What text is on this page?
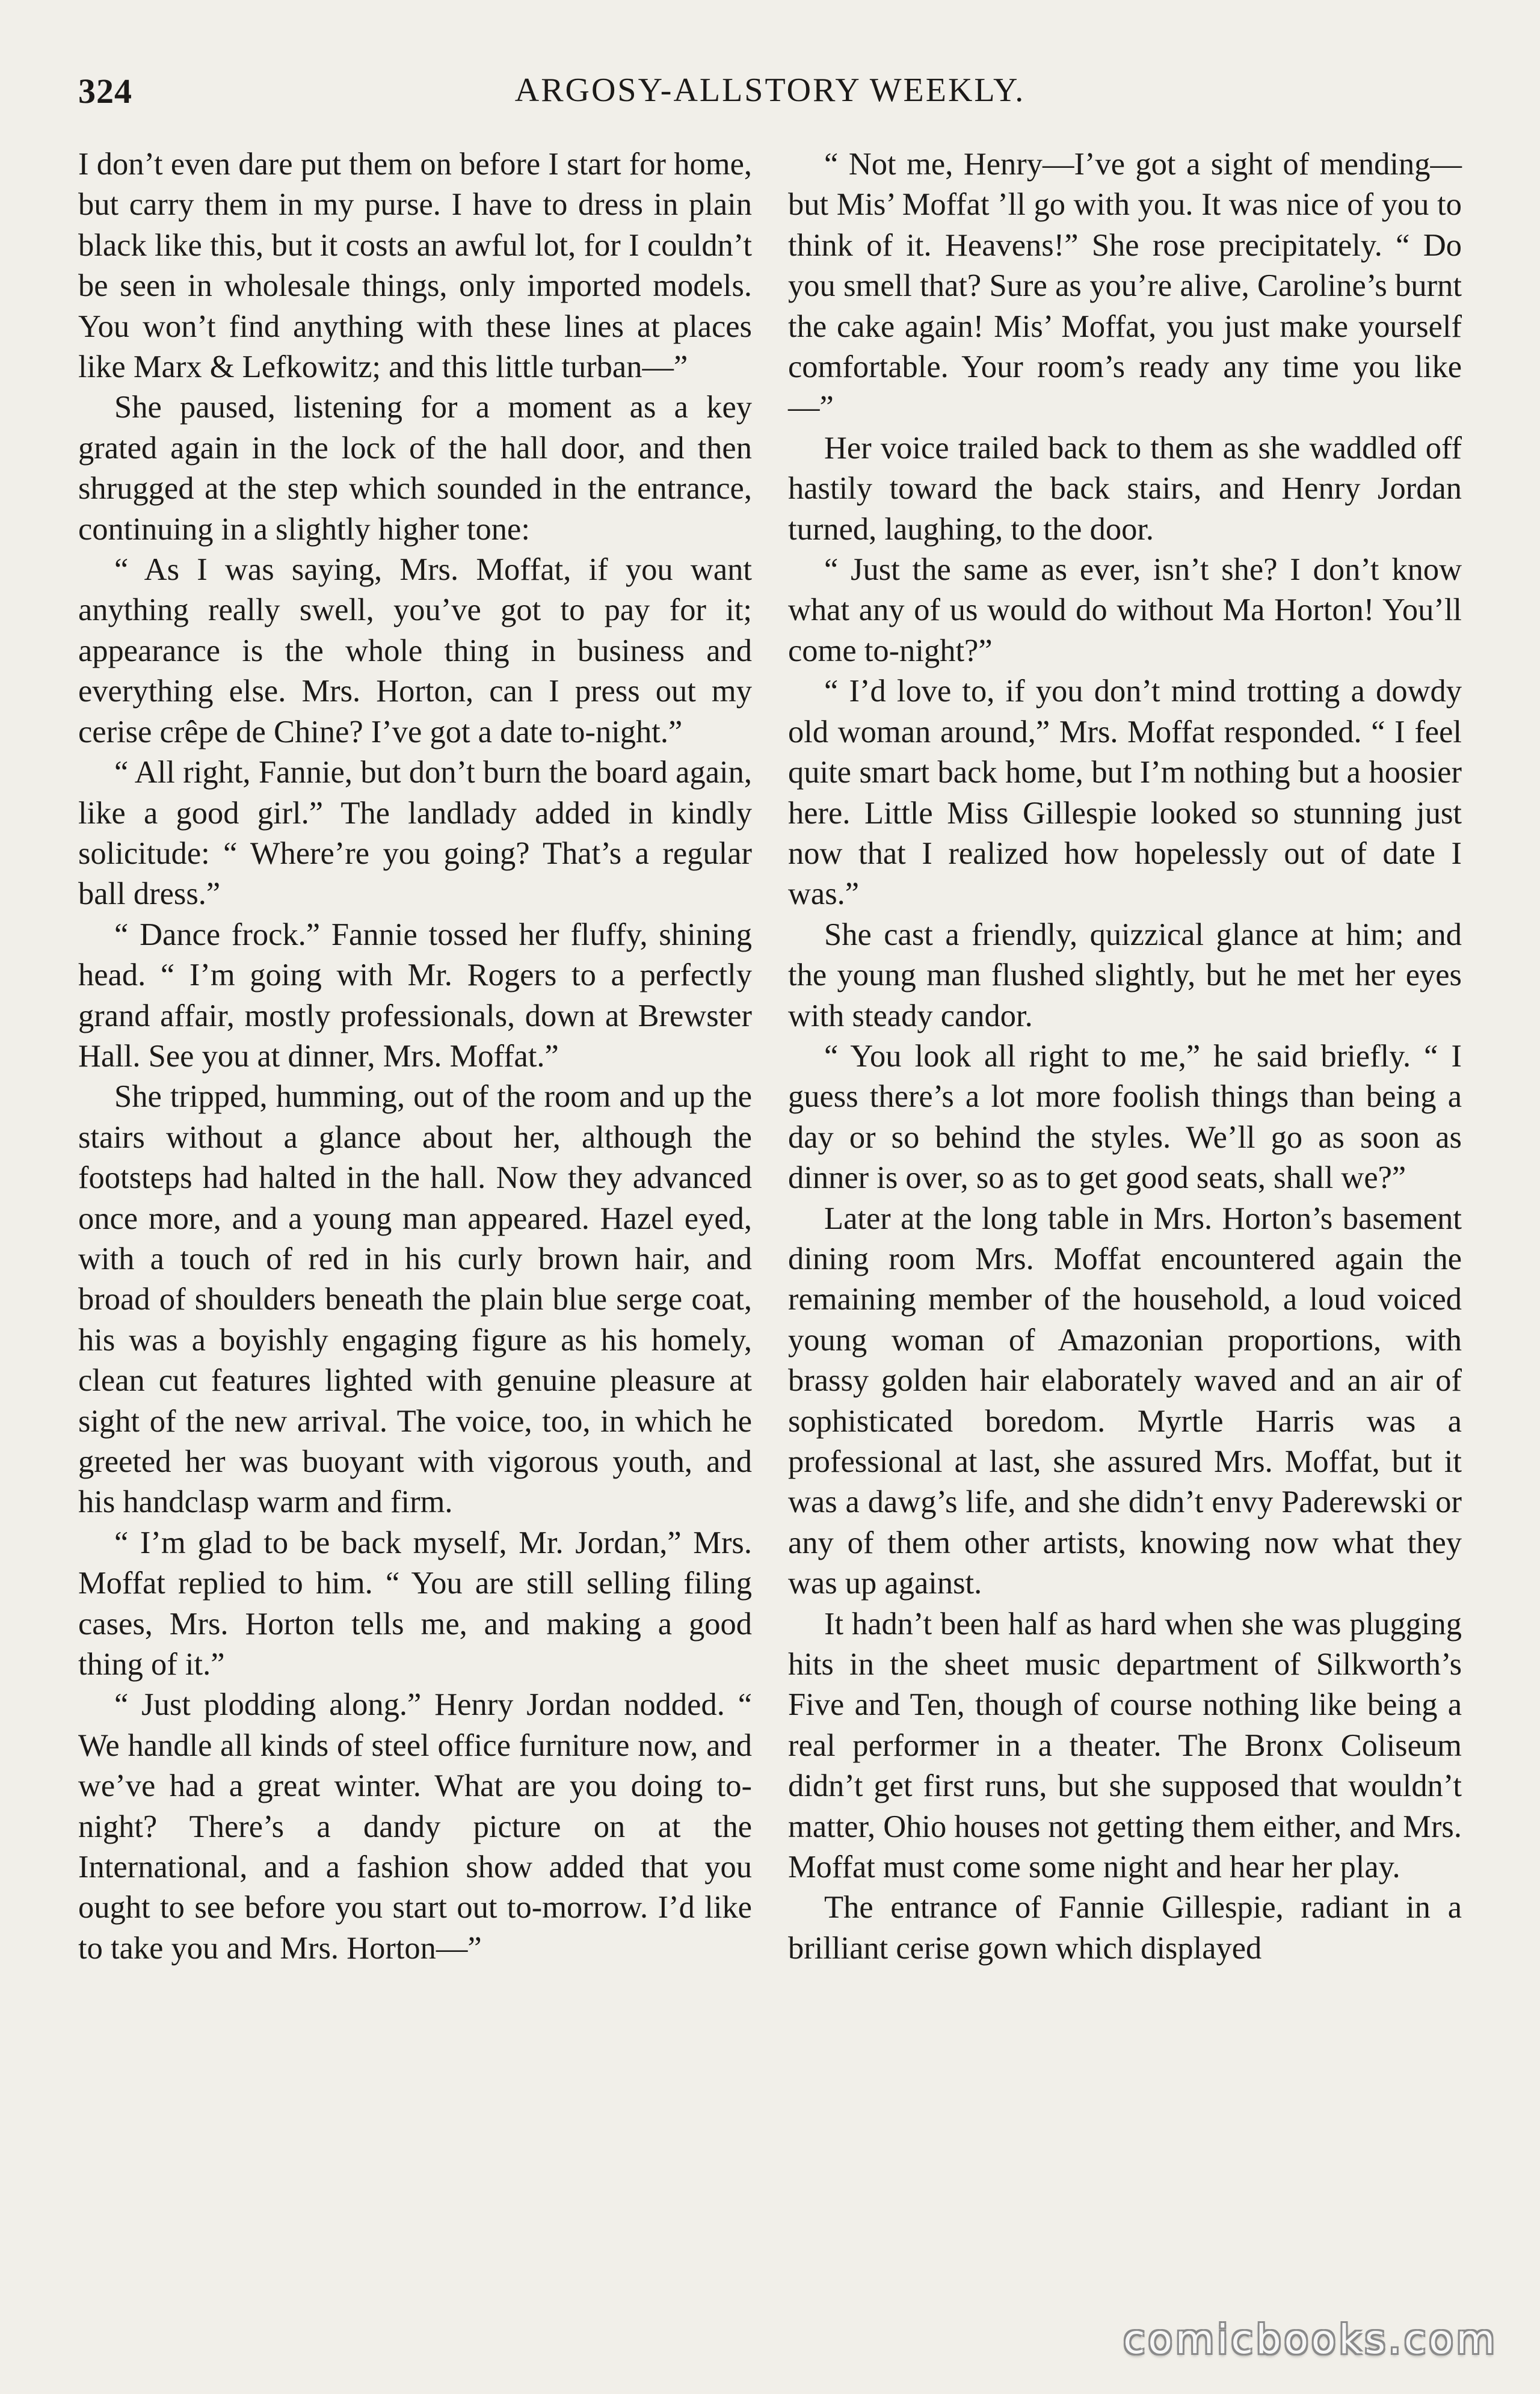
324	ARGOSY-ALLSTORY WEEKLY.

I don’t even dare put them on before I start for home, but carry them in my purse. I have to dress in plain black like this, but it costs an awful lot, for I couldn’t be seen in wholesale things, only imported models. You won’t find anything with these lines at places like Marx & Lefkowitz; and this little turban—”

She paused, listening for a moment as a key grated again in the lock of the hall door, and then shrugged at the step which sounded in the entrance, continuing in a slightly higher tone:

“ As I was saying, Mrs. Moffat, if you want anything really swell, you’ve got to pay for it; appearance is the whole thing in business and everything else. Mrs. Horton, can I press out my cerise crêpe de Chine? I’ve got a date to-night.”

“ All right, Fannie, but don’t burn the board again, like a good girl.” The landlady added in kindly solicitude: “ Where’re you going? That’s a regular ball dress.”

“ Dance frock.” Fannie tossed her fluffy, shining head. “ I’m going with Mr. Rogers to a perfectly grand affair, mostly professionals, down at Brewster Hall. See you at dinner, Mrs. Moffat.”

She tripped, humming, out of the room and up the stairs without a glance about her, although the footsteps had halted in the hall. Now they advanced once more, and a young man appeared. Hazel eyed, with a touch of red in his curly brown hair, and broad of shoulders beneath the plain blue serge coat, his was a boyishly engaging figure as his homely, clean cut features lighted with genuine pleasure at sight of the new arrival. The voice, too, in which he greeted her was buoyant with vigorous youth, and his handclasp warm and firm.

“ I’m glad to be back myself, Mr. Jordan,” Mrs. Moffat replied to him. “ You are still selling filing cases, Mrs. Horton tells me, and making a good thing of it.”

“ Just plodding along.” Henry Jordan nodded. “ We handle all kinds of steel office furniture now, and we’ve had a great winter. What are you doing to-night? There’s a dandy picture on at the International, and a fashion show added that you ought to see before you start out to-morrow. I’d like to take you and Mrs. Horton—”

“ Not me, Henry—I’ve got a sight of mending—but Mis’ Moffat ’ll go with you. It was nice of you to think of it. Heavens!” She rose precipitately. “ Do you smell that? Sure as you’re alive, Caroline’s burnt the cake again! Mis’ Moffat, you just make yourself comfortable. Your room’s ready any time you like—”

Her voice trailed back to them as she waddled off hastily toward the back stairs, and Henry Jordan turned, laughing, to the door.

“ Just the same as ever, isn’t she? I don’t know what any of us would do without Ma Horton! You’ll come to-night?”

“ I’d love to, if you don’t mind trotting a dowdy old woman around,” Mrs. Moffat responded. “ I feel quite smart back home, but I’m nothing but a hoosier here. Little Miss Gillespie looked so stunning just now that I realized how hopelessly out of date I was.”

She cast a friendly, quizzical glance at him; and the young man flushed slightly, but he met her eyes with steady candor.

“ You look all right to me,” he said briefly. “ I guess there’s a lot more foolish things than being a day or so behind the styles. We’ll go as soon as dinner is over, so as to get good seats, shall we?”

Later at the long table in Mrs. Horton’s basement dining room Mrs. Moffat encountered again the remaining member of the household, a loud voiced young woman of Amazonian proportions, with brassy golden hair elaborately waved and an air of sophisticated boredom. Myrtle Harris was a professional at last, she assured Mrs. Moffat, but it was a dawg’s life, and she didn’t envy Paderewski or any of them other artists, knowing now what they was up against.

It hadn’t been half as hard when she was plugging hits in the sheet music department of Silkworth’s Five and Ten, though of course nothing like being a real performer in a theater. The Bronx Coliseum didn’t get first runs, but she supposed that wouldn’t matter, Ohio houses not getting them either, and Mrs. Moffat must come some night and hear her play.

The entrance of Fannie Gillespie, radiant in a brilliant cerise gown which displayed

comicbooks.com
